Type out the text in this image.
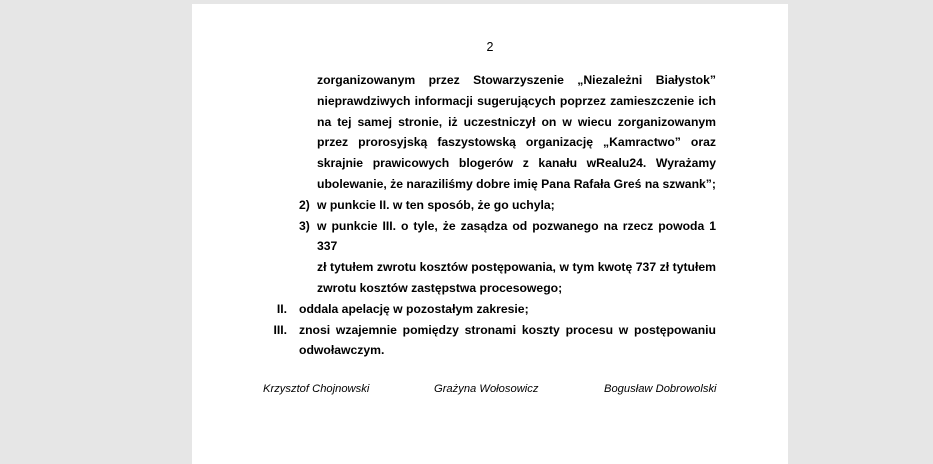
2
zorganizowanym przez Stowarzyszenie „Niezależni Białystok”
nieprawdziwych informacji sugerujących poprzez zamieszczenie ich
na tej samej stronie, iż uczestniczył on w wiecu zorganizowanym
przez prorosyjską faszystowską organizację „Kamractwo” oraz
skrajnie prawicowych blogerów z kanału wRealu24. Wyrażamy
ubolewanie, że naraziliśmy dobre imię Pana Rafała Greś na szwank”;
2) w punkcie II. w ten sposób, że go uchyla;
3) w punkcie III. o tyle, że zasądza od pozwanego na rzecz powoda 1 337
zł tytułem zwrotu kosztów postępowania, w tym kwotę 737 zł tytułem
zwrotu kosztów zastępstwa procesowego;
II. oddala apelację w pozostałym zakresie;
III. znosi wzajemnie pomiędzy stronami koszty procesu w postępowaniu
odwoławczym.
Krzysztof Chojnowski	Grażyna Wołosowicz	Bogusław Dobrowolski
